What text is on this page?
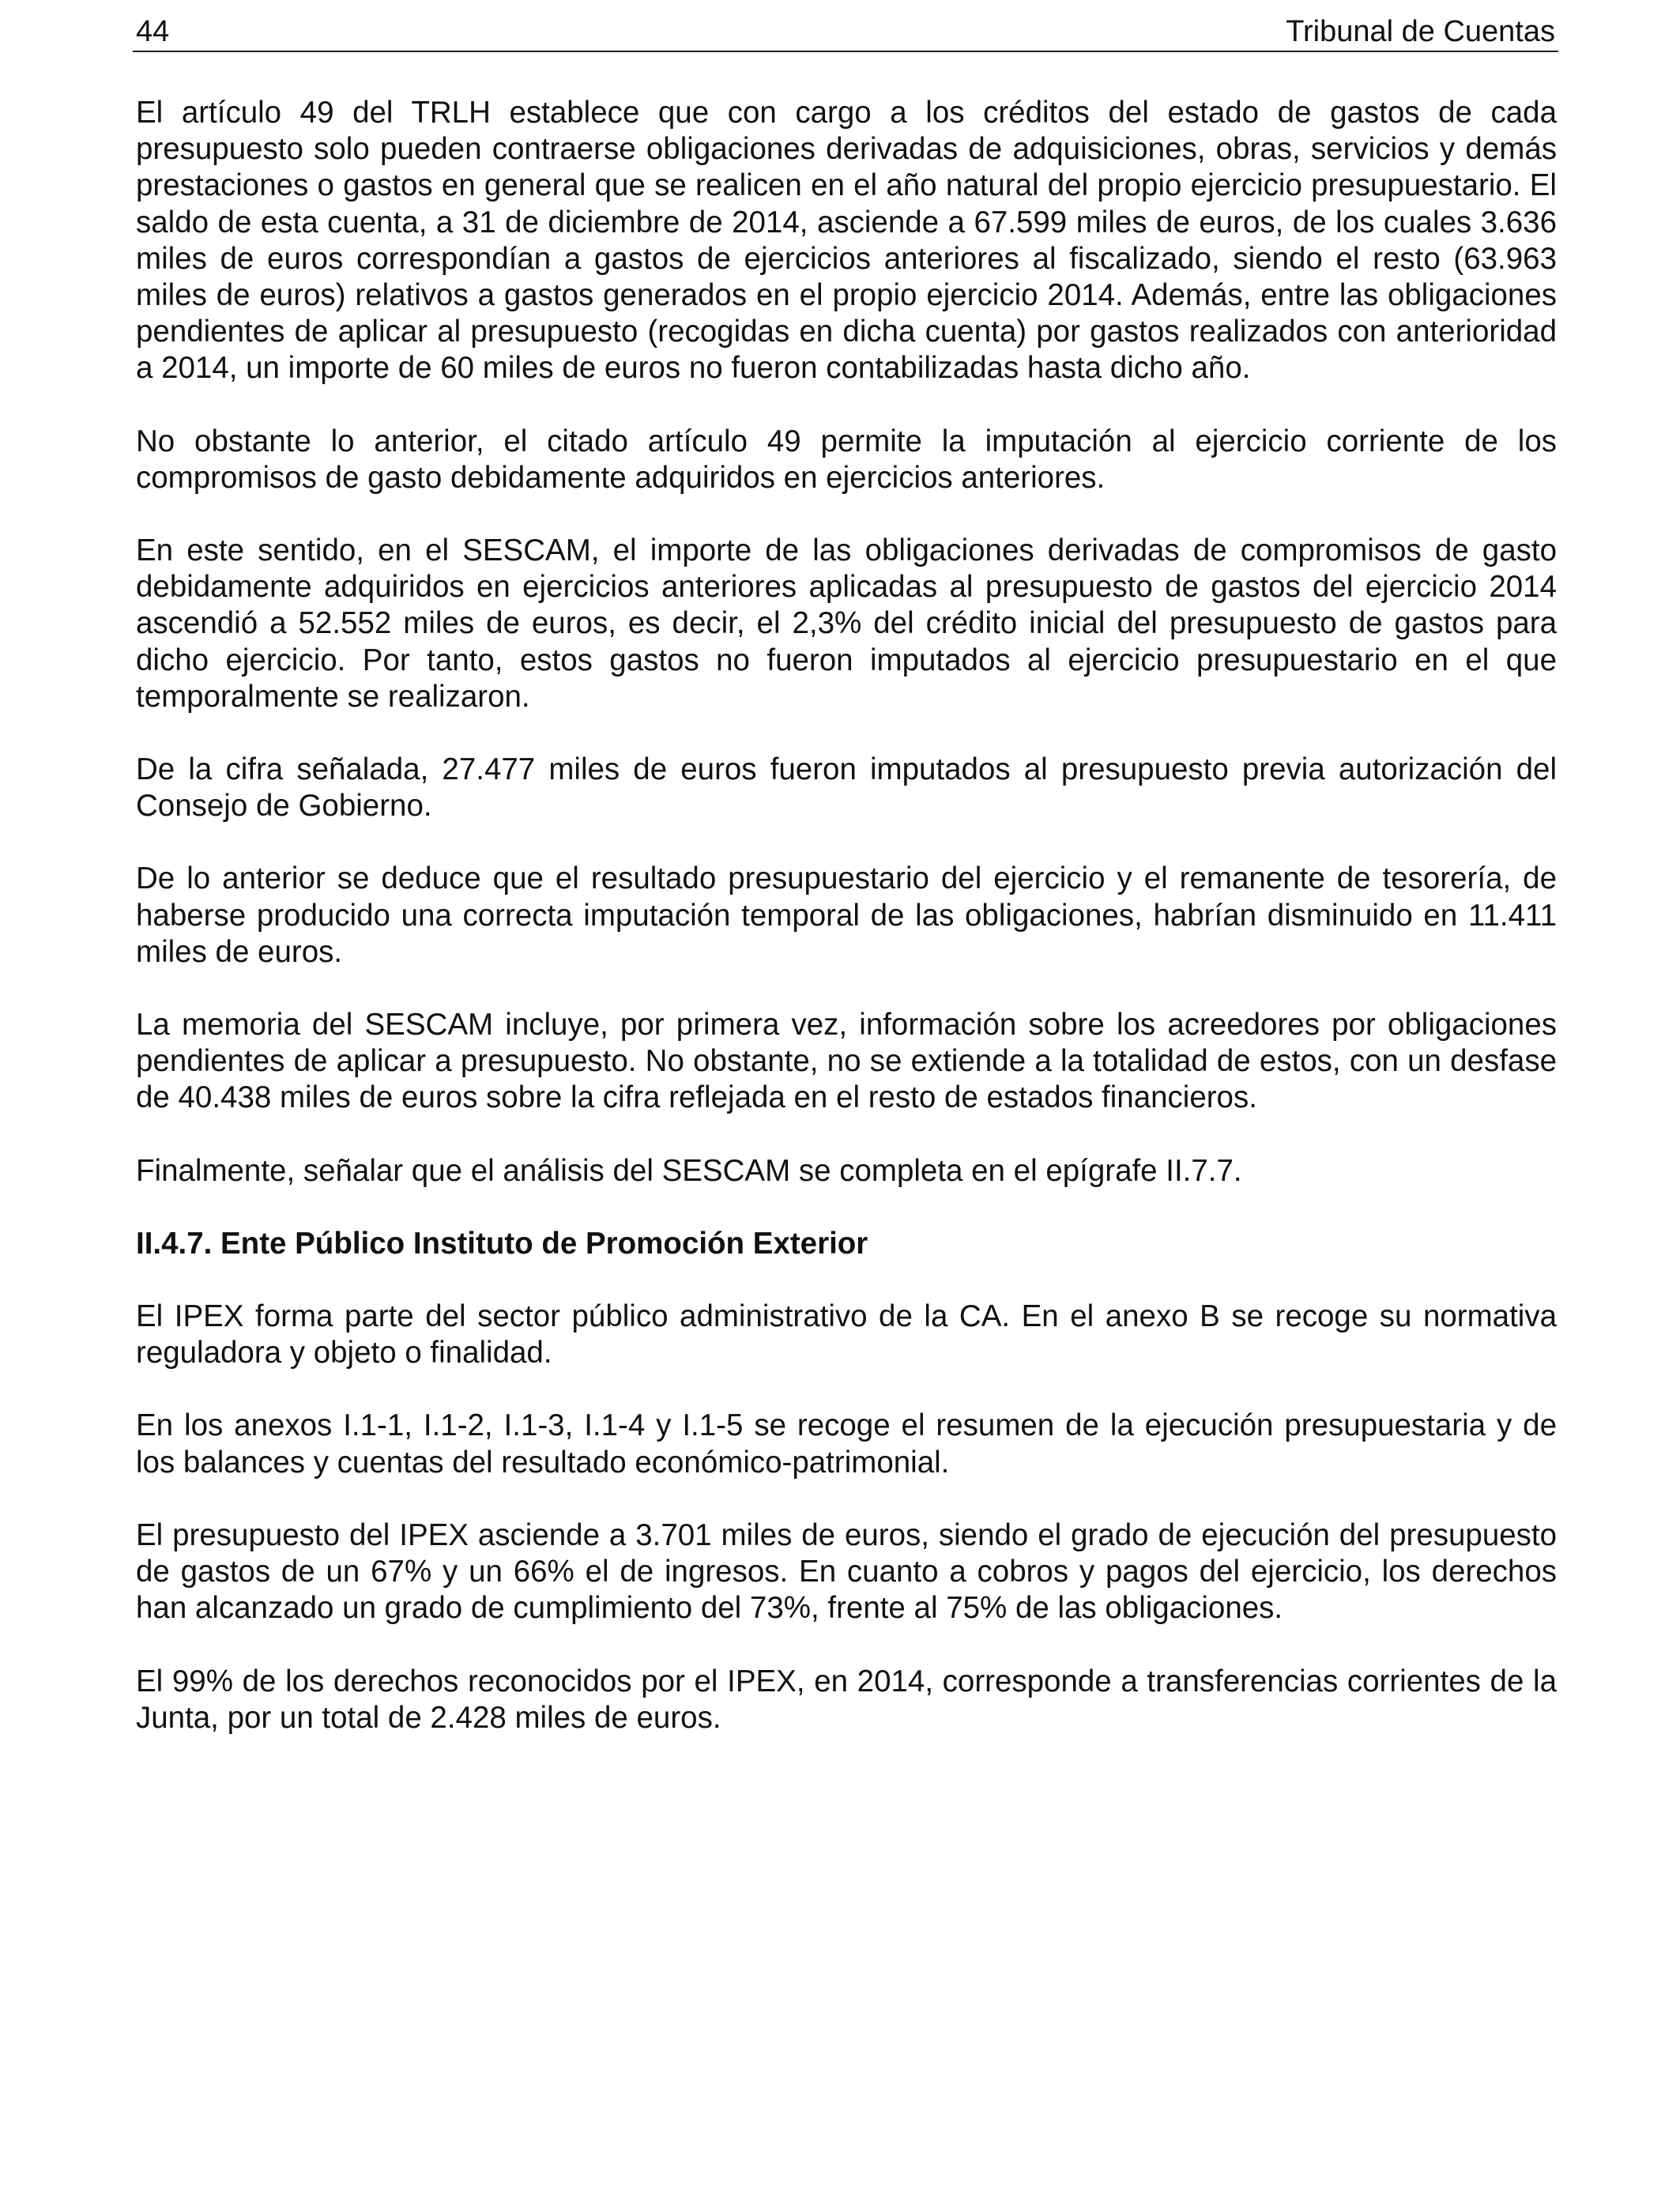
44	Tribunal de Cuentas

El artículo 49 del TRLH establece que con cargo a los créditos del estado de gastos de cada presupuesto solo pueden contraerse obligaciones derivadas de adquisiciones, obras, servicios y demás prestaciones o gastos en general que se realicen en el año natural del propio ejercicio presupuestario. El saldo de esta cuenta, a 31 de diciembre de 2014, asciende a 67.599 miles de euros, de los cuales 3.636 miles de euros correspondían a gastos de ejercicios anteriores al fiscalizado, siendo el resto (63.963 miles de euros) relativos a gastos generados en el propio ejercicio 2014. Además, entre las obligaciones pendientes de aplicar al presupuesto (recogidas en dicha cuenta) por gastos realizados con anterioridad a 2014, un importe de 60 miles de euros no fueron contabilizadas hasta dicho año.

No obstante lo anterior, el citado artículo 49 permite la imputación al ejercicio corriente de los compromisos de gasto debidamente adquiridos en ejercicios anteriores.

En este sentido, en el SESCAM, el importe de las obligaciones derivadas de compromisos de gasto debidamente adquiridos en ejercicios anteriores aplicadas al presupuesto de gastos del ejercicio 2014 ascendió a 52.552 miles de euros, es decir, el 2,3% del crédito inicial del presupuesto de gastos para dicho ejercicio. Por tanto, estos gastos no fueron imputados al ejercicio presupuestario en el que temporalmente se realizaron.

De la cifra señalada, 27.477 miles de euros fueron imputados al presupuesto previa autorización del Consejo de Gobierno.

De lo anterior se deduce que el resultado presupuestario del ejercicio y el remanente de tesorería, de haberse producido una correcta imputación temporal de las obligaciones, habrían disminuido en 11.411 miles de euros.

La memoria del SESCAM incluye, por primera vez, información sobre los acreedores por obligaciones pendientes de aplicar a presupuesto. No obstante, no se extiende a la totalidad de estos, con un desfase de 40.438 miles de euros sobre la cifra reflejada en el resto de estados financieros.

Finalmente, señalar que el análisis del SESCAM se completa en el epígrafe II.7.7.

II.4.7. Ente Público Instituto de Promoción Exterior

El IPEX forma parte del sector público administrativo de la CA. En el anexo B se recoge su normativa reguladora y objeto o finalidad.

En los anexos I.1-1, I.1-2, I.1-3, I.1-4 y I.1-5 se recoge el resumen de la ejecución presupuestaria y de los balances y cuentas del resultado económico-patrimonial.

El presupuesto del IPEX asciende a 3.701 miles de euros, siendo el grado de ejecución del presupuesto de gastos de un 67% y un 66% el de ingresos. En cuanto a cobros y pagos del ejercicio, los derechos han alcanzado un grado de cumplimiento del 73%, frente al 75% de las obligaciones.

El 99% de los derechos reconocidos por el IPEX, en 2014, corresponde a transferencias corrientes de la Junta, por un total de 2.428 miles de euros.
